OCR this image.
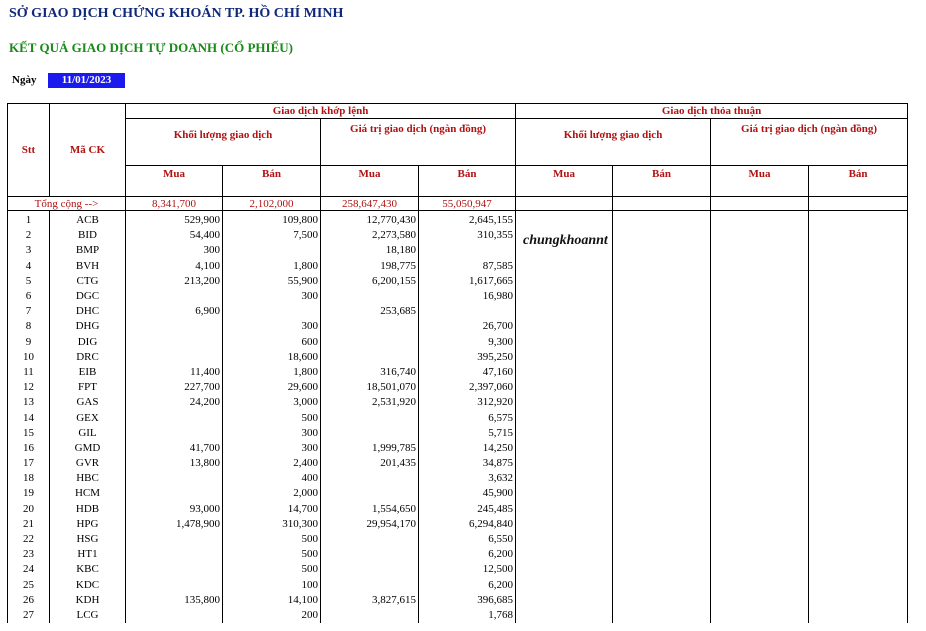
SỞ GIAO DỊCH CHỨNG KHOÁN TP. HỒ CHÍ MINH
KẾT QUẢ GIAO DỊCH TỰ DOANH (CỔ PHIẾU)
Ngày	11/01/2023
Stt	Mã CK	Giao dịch khớp lệnh				Giao dịch thỏa thuận			
		Khối lượng giao dịch		Giá trị giao dịch (ngàn đồng)		Khối lượng giao dịch		Giá trị giao dịch (ngàn đồng)	
		Mua	Bán	Mua	Bán	Mua	Bán	Mua	Bán
Tổng cộng -->		8,341,700	2,102,000	258,647,430	55,050,947				

1	ACB	529,900	109,800	12,770,430	2,645,155				
2	BID	54,400	7,500	2,273,580	310,355				
3	BMP	300		18,180					
4	BVH	4,100	1,800	198,775	87,585				
5	CTG	213,200	55,900	6,200,155	1,617,665				
6	DGC		300		16,980				
7	DHC	6,900		253,685					
8	DHG		300		26,700				
9	DIG		600		9,300				
10	DRC		18,600		395,250				
11	EIB	11,400	1,800	316,740	47,160				
12	FPT	227,700	29,600	18,501,070	2,397,060				
13	GAS	24,200	3,000	2,531,920	312,920				
14	GEX		500		6,575				
15	GIL		300		5,715				
16	GMD	41,700	300	1,999,785	14,250				
17	GVR	13,800	2,400	201,435	34,875				
18	HBC		400		3,632				
19	HCM		2,000		45,900				
20	HDB	93,000	14,700	1,554,650	245,485				
21	HPG	1,478,900	310,300	29,954,170	6,294,840				
22	HSG		500		6,550				
23	HT1		500		6,200				
24	KBC		500		12,500				
25	KDC		100		6,200				
26	KDH	135,800	14,100	3,827,615	396,685				
27	LCG		200		1,768				
chungkhoannt
